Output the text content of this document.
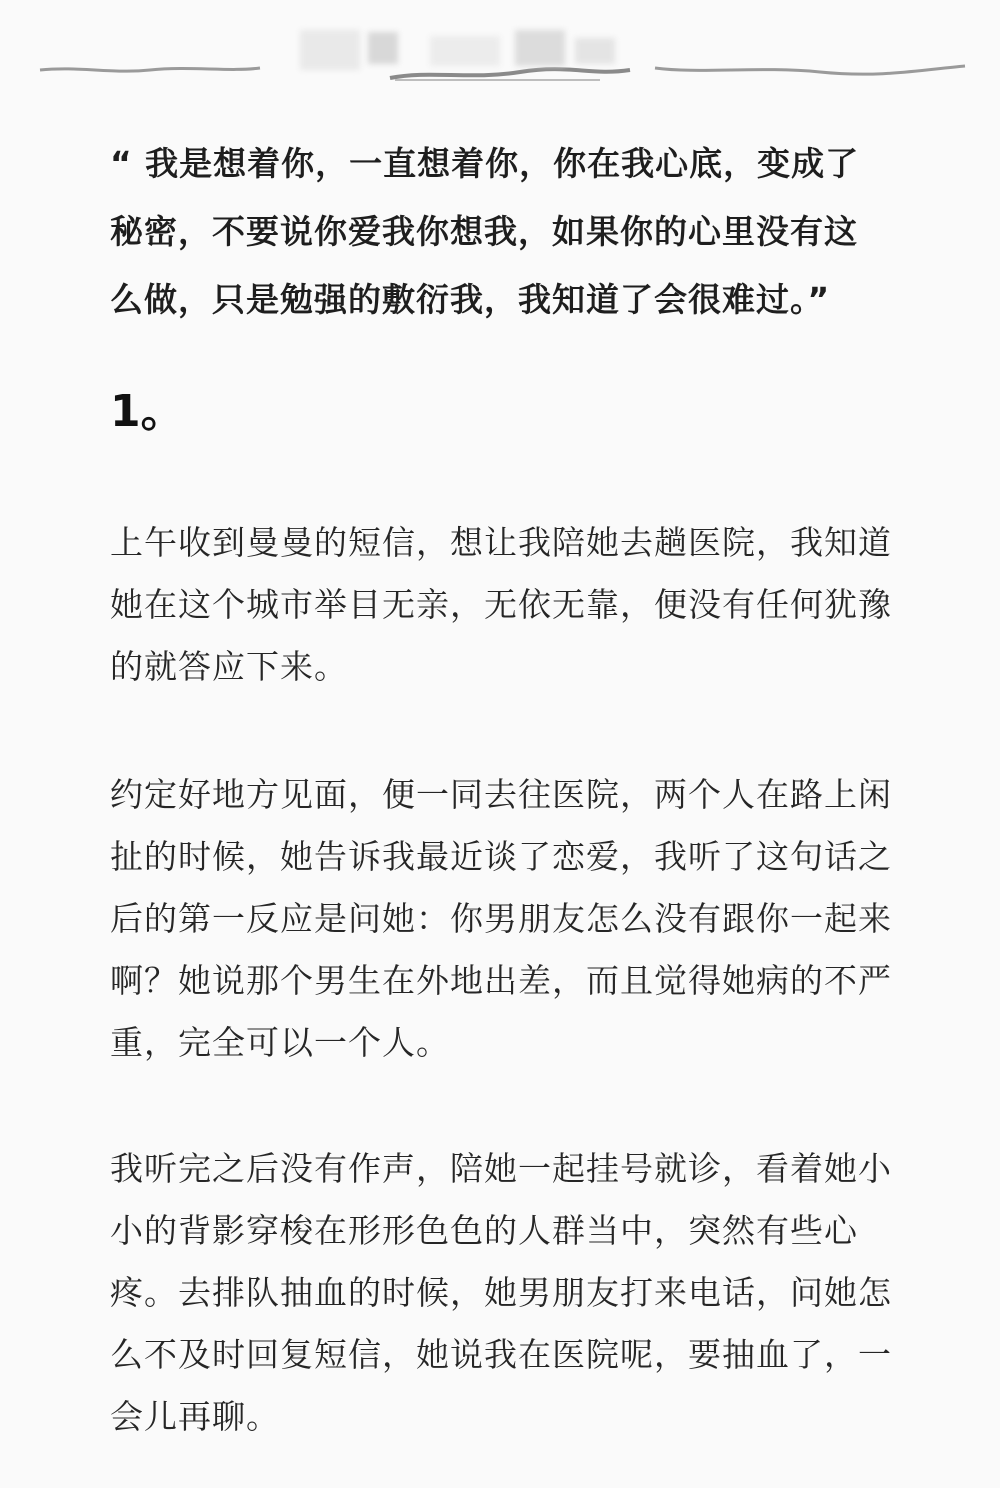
“ 我是想着你，一直想着你，你在我心底，变成了秘密，不要说你爱我你想我，如果你的心里没有这么做，只是勉强的敷衍我，我知道了会很难过。”
1。
上午收到曼曼的短信，想让我陪她去趟医院，我知道她在这个城市举目无亲，无依无靠，便没有任何犹豫的就答应下来。
约定好地方见面，便一同去往医院，两个人在路上闲扯的时候，她告诉我最近谈了恋爱，我听了这句话之后的第一反应是问她：你男朋友怎么没有跟你一起来啊？她说那个男生在外地出差，而且觉得她病的不严重，完全可以一个人。
我听完之后没有作声，陪她一起挂号就诊，看着她小小的背影穿梭在形形色色的人群当中，突然有些心疼。去排队抽血的时候，她男朋友打来电话，问她怎么不及时回复短信，她说我在医院呢，要抽血了，一会儿再聊。
